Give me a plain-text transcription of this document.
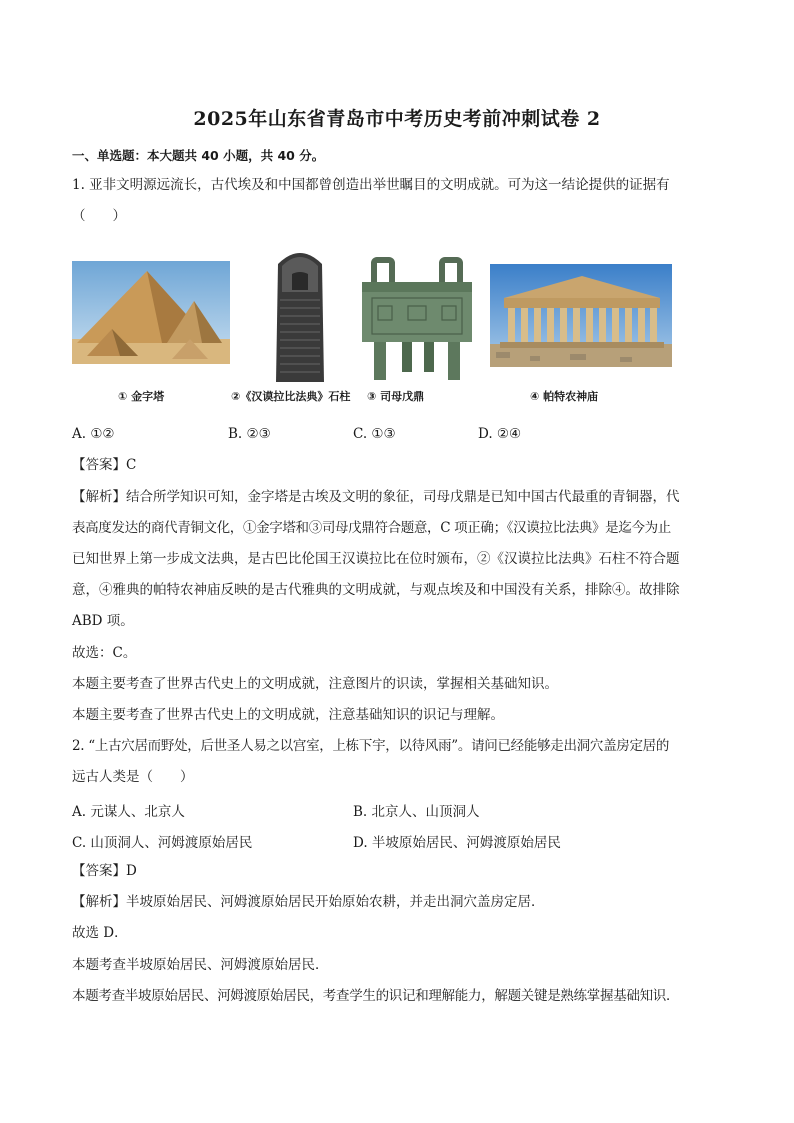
2025年山东省青岛市中考历史考前冲刺试卷 2
一、单选题：本大题共 40 小题，共 40 分。
1. 亚非文明源远流长，古代埃及和中国都曾创造出举世瞩目的文明成就。可为这一结论提供的证据有
（　　）
① 金字塔	②《汉谟拉比法典》石柱 ③ 司母戊鼎	④ 帕特农神庙
A. ①②	B. ②③	C. ①③	D. ②④
【答案】C
【解析】结合所学知识可知，金字塔是古埃及文明的象征，司母戊鼎是已知中国古代最重的青铜器，代
表高度发达的商代青铜文化，①金字塔和③司母戊鼎符合题意，C 项正确；《汉谟拉比法典》是迄今为止
已知世界上第一步成文法典，是古巴比伦国王汉谟拉比在位时颁布，②《汉谟拉比法典》石柱不符合题
意，④雅典的帕特农神庙反映的是古代雅典的文明成就，与观点埃及和中国没有关系，排除④。故排除
ABD 项。
故选：C。
本题主要考查了世界古代史上的文明成就，注意图片的识读，掌握相关基础知识。
本题主要考查了世界古代史上的文明成就，注意基础知识的识记与理解。
2. “上古穴居而野处，后世圣人易之以宫室，上栋下宇，以待风雨”。请问已经能够走出洞穴盖房定居的
远古人类是（　　）
A. 元谋人、北京人	B. 北京人、山顶洞人
C. 山顶洞人、河姆渡原始居民	D. 半坡原始居民、河姆渡原始居民
【答案】D
【解析】半坡原始居民、河姆渡原始居民开始原始农耕，并走出洞穴盖房定居．
故选 D．
本题考查半坡原始居民、河姆渡原始居民．
本题考查半坡原始居民、河姆渡原始居民，考查学生的识记和理解能力，解题关键是熟练掌握基础知识．
